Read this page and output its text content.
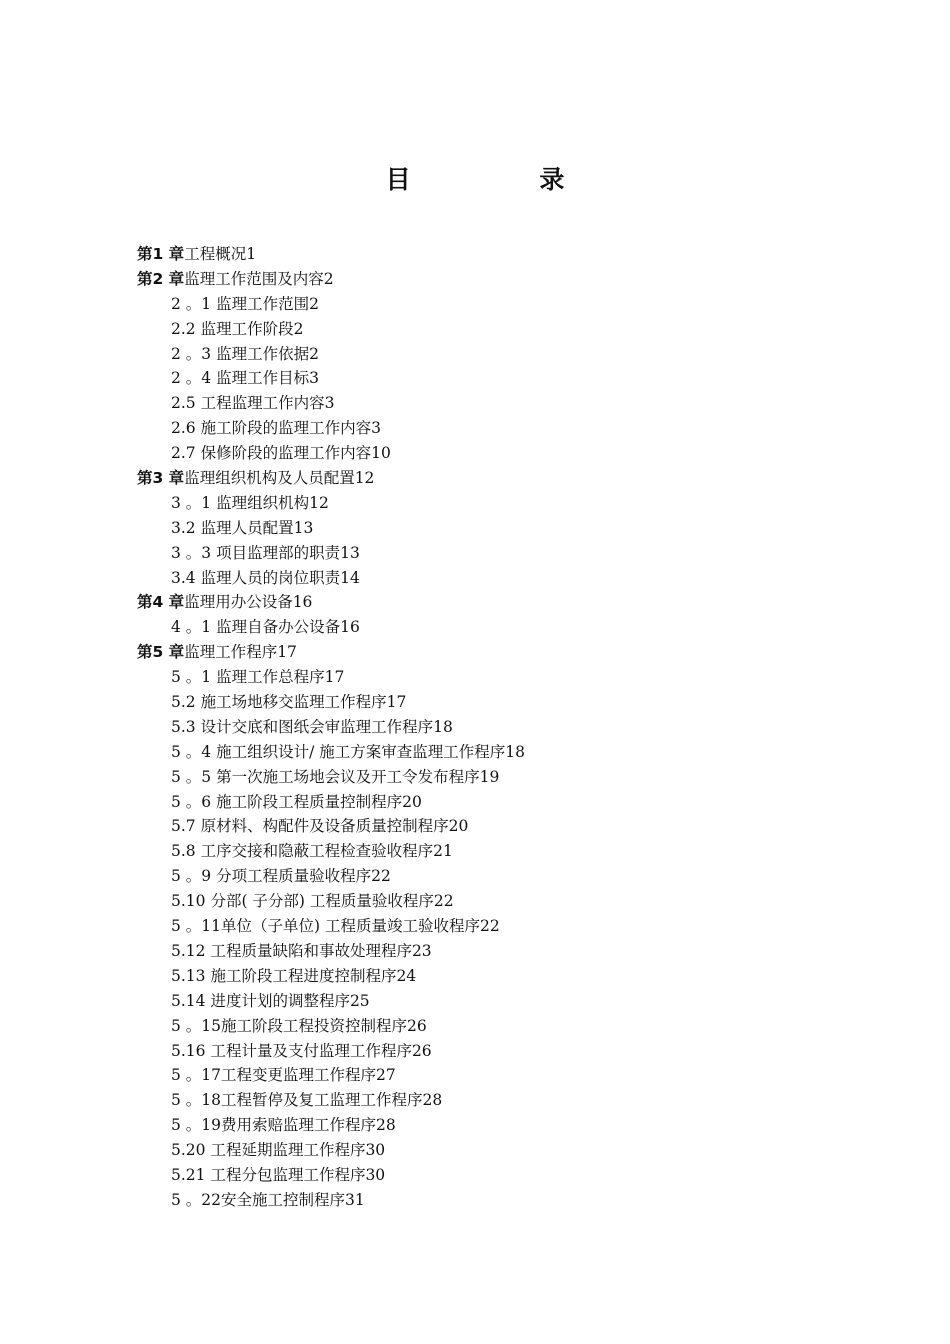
目 录
第1 章工程概况1
第2 章监理工作范围及内容2
2 。1 监理工作范围2
2.2 监理工作阶段2
2 。3 监理工作依据2
2 。4 监理工作目标3
2.5 工程监理工作内容3
2.6 施工阶段的监理工作内容3
2.7 保修阶段的监理工作内容10
第3 章监理组织机构及人员配置12
3 。1 监理组织机构12
3.2 监理人员配置13
3 。3 项目监理部的职责13
3.4 监理人员的岗位职责14
第4 章监理用办公设备16
4 。1 监理自备办公设备16
第5 章监理工作程序17
5 。1 监理工作总程序17
5.2 施工场地移交监理工作程序17
5.3 设计交底和图纸会审监理工作程序18
5 。4 施工组织设计/ 施工方案审查监理工作程序18
5 。5 第一次施工场地会议及开工令发布程序19
5 。6 施工阶段工程质量控制程序20
5.7 原材料、构配件及设备质量控制程序20
5.8 工序交接和隐蔽工程检查验收程序21
5 。9 分项工程质量验收程序22
5.10 分部( 子分部) 工程质量验收程序22
5 。11单位（子单位) 工程质量竣工验收程序22
5.12 工程质量缺陷和事故处理程序23
5.13 施工阶段工程进度控制程序24
5.14 进度计划的调整程序25
5 。15施工阶段工程投资控制程序26
5.16 工程计量及支付监理工作程序26
5 。17工程变更监理工作程序27
5 。18工程暂停及复工监理工作程序28
5 。19费用索赔监理工作程序28
5.20 工程延期监理工作程序30
5.21 工程分包监理工作程序30
5 。22安全施工控制程序31
